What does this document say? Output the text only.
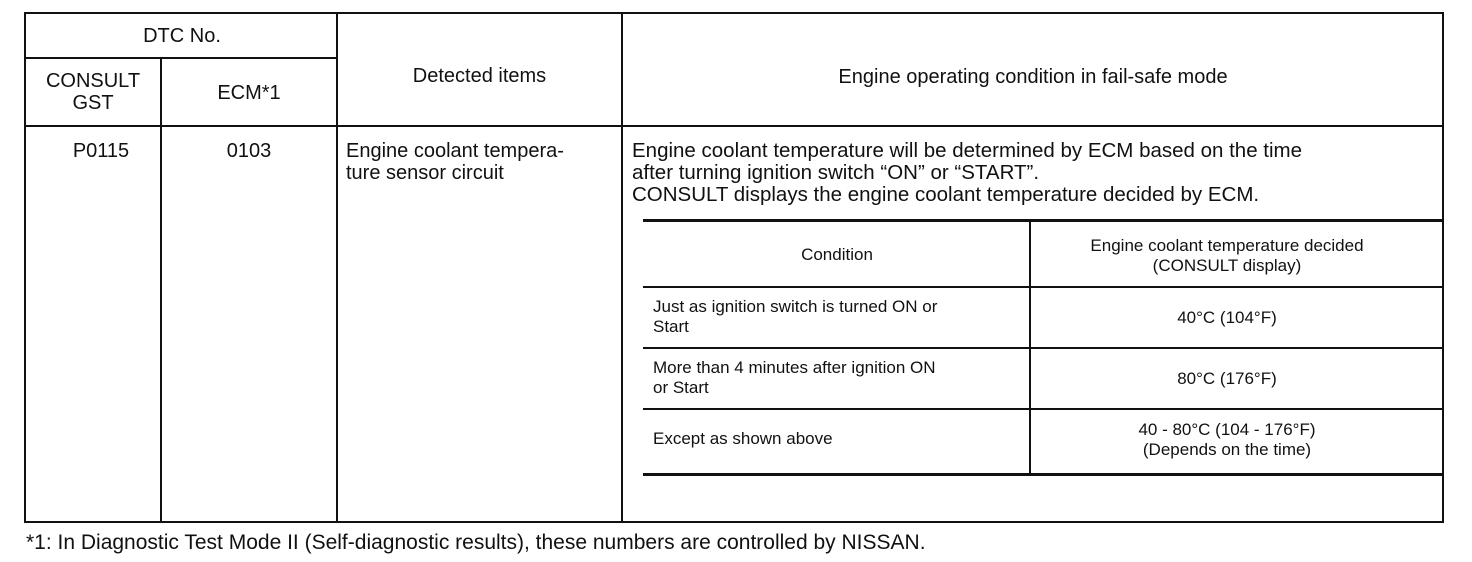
DTC No.
CONSULT
GST	ECM*1
Detected items	Engine operating condition in fail-safe mode
P0115	0103	Engine coolant tempera-
ture sensor circuit
Engine coolant temperature will be determined by ECM based on the time
after turning ignition switch “ON” or “START”.
CONSULT displays the engine coolant temperature decided by ECM.
Condition	Engine coolant temperature decided
(CONSULT display)
Just as ignition switch is turned ON or
Start	40°C (104°F)
More than 4 minutes after ignition ON
or Start	80°C (176°F)
Except as shown above	40 - 80°C (104 - 176°F)
(Depends on the time)
*1: In Diagnostic Test Mode II (Self-diagnostic results), these numbers are controlled by NISSAN.
